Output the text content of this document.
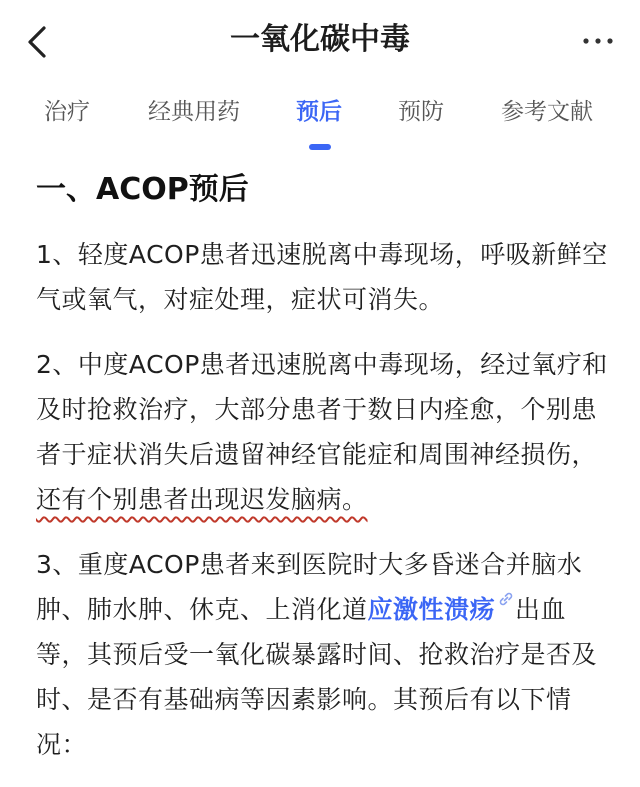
一氧化碳中毒
治疗	经典用药 预后 预防 参考文献
一、ACOP预后

1、轻度ACOP患者迅速脱离中毒现场，呼吸新鲜空气或氧气，对症处理，症状可消失。

2、中度ACOP患者迅速脱离中毒现场，经过氧疗和及时抢救治疗，大部分患者于数日内痊愈，个别患者于症状消失后遗留神经官能症和周围神经损伤，还有个别患者出现迟发脑病。

3、重度ACOP患者来到医院时大多昏迷合并脑水肿、肺水肿、休克、上消化道应激性溃疡 出血等，其预后受一氧化碳暴露时间、抢救治疗是否及时、是否有基础病等因素影响。其预后有以下情况：
